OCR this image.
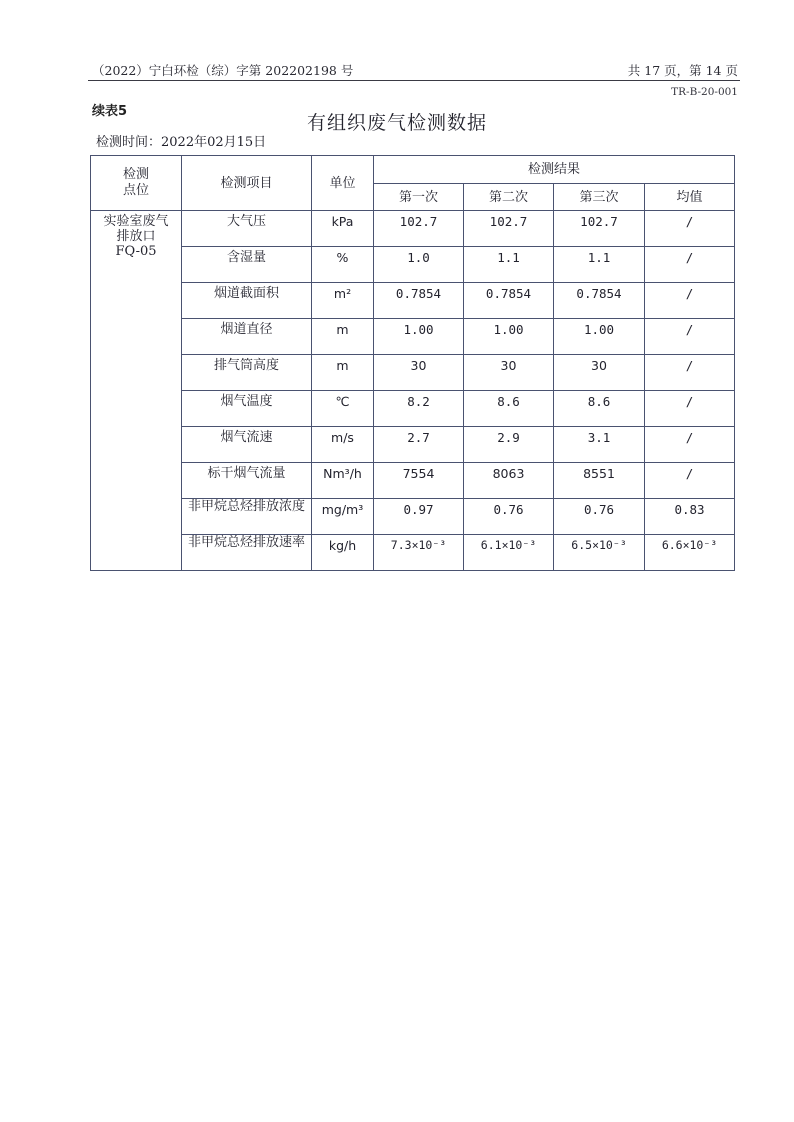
（2022）宁白环检（综）字第 202202198 号	共 17 页，第 14 页
TR-B-20-001
续表5
有组织废气检测数据
检测时间：2022年02月15日
检测
点位	检测项目	单位	检测结果			
			第一次	第二次	第三次	均值
实验室废气
排放口
FQ-05	大气压	kPa	102.7	102.7	102.7	/
	含湿量	%	1.0	1.1	1.1	/
	烟道截面积	m²	0.7854	0.7854	0.7854	/
	烟道直径	m	1.00	1.00	1.00	/
	排气筒高度	m	30	30	30	/
	烟气温度	℃	8.2	8.6	8.6	/
	烟气流速	m/s	2.7	2.9	3.1	/
	标干烟气流量	Nm³/h	7554	8063	8551	/
	非甲烷总烃排放浓度	mg/m³	0.97	0.76	0.76	0.83
	非甲烷总烃排放速率	kg/h	7.3×10⁻³	6.1×10⁻³	6.5×10⁻³	6.6×10⁻³
